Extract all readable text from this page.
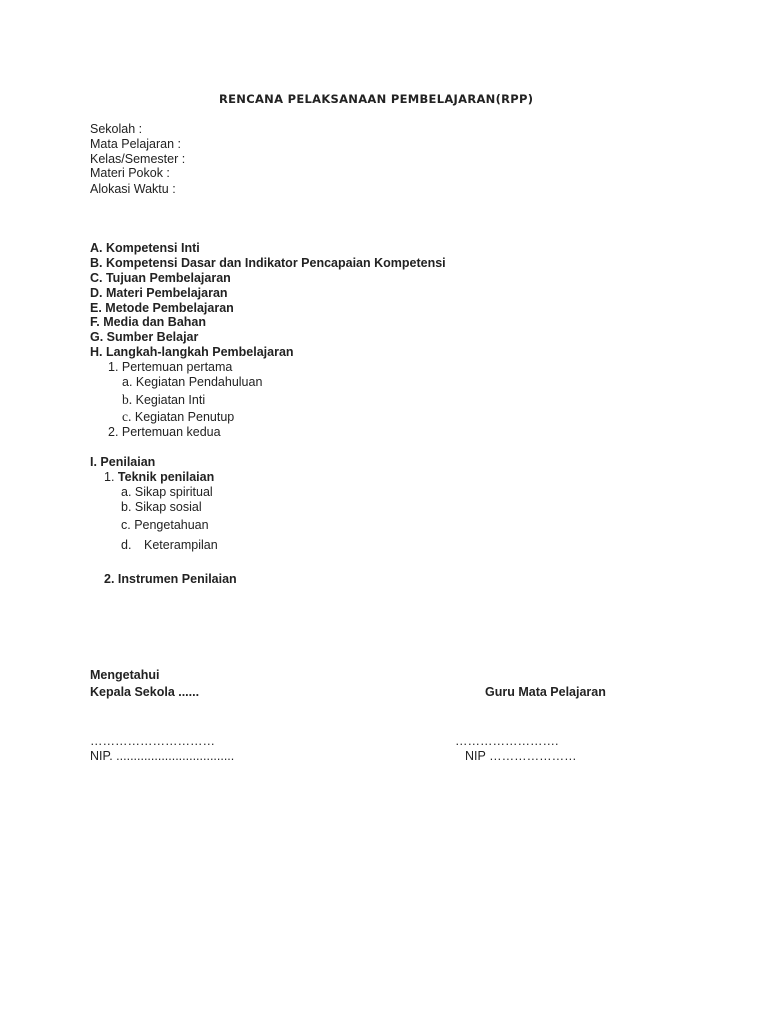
RENCANA PELAKSANAAN PEMBELAJARAN(RPP)
Sekolah :
Mata Pelajaran :
Kelas/Semester :
Materi Pokok :
Alokasi Waktu :
A. Kompetensi Inti
B. Kompetensi Dasar dan Indikator Pencapaian Kompetensi
C. Tujuan Pembelajaran
D. Materi Pembelajaran
E. Metode Pembelajaran
F. Media dan Bahan
G. Sumber Belajar
H. Langkah-langkah Pembelajaran
1. Pertemuan pertama
a. Kegiatan Pendahuluan
b. Kegiatan Inti
c. Kegiatan Penutup
2. Pertemuan kedua
I. Penilaian
1. Teknik penilaian
a. Sikap spiritual
b. Sikap sosial
c. Pengetahuan
d. Keterampilan
2. Instrumen Penilaian
Mengetahui
Kepala Sekola ......	Guru Mata Pelajaran
…………………………	…………………….
NIP. ..................................	NIP …………………
